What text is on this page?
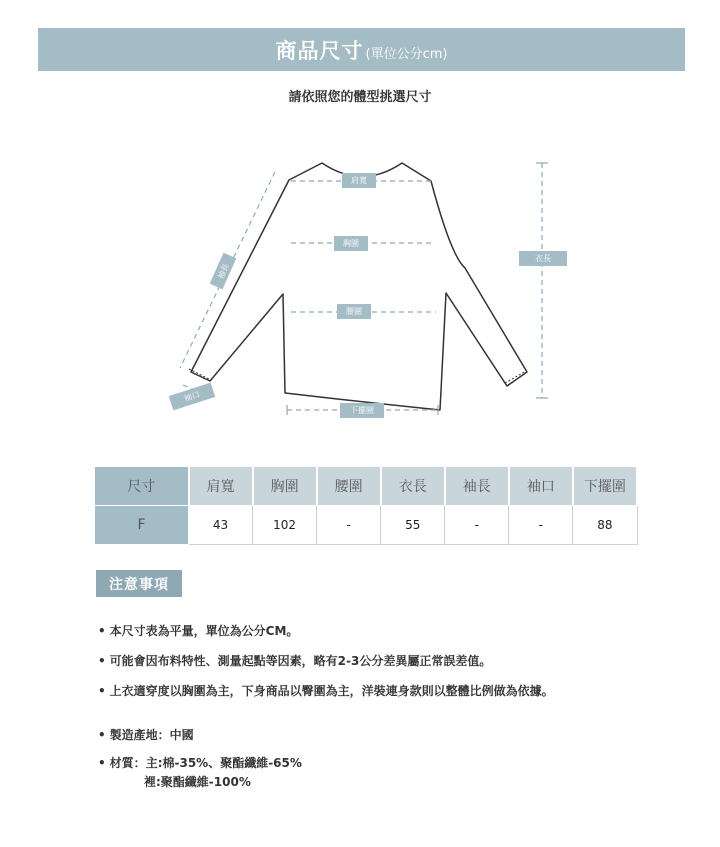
商品尺寸 (單位公分cm)
請依照您的體型挑選尺寸
肩寬
胸圍
腰圍
衣長
袖長
袖口
下擺圍
尺寸	肩寬	胸圍	腰圍	衣長	袖長	袖口	下擺圍
F	43	102	-	55	-	-	88
注意事項
• 本尺寸表為平量，單位為公分CM。
• 可能會因布料特性、測量起點等因素，略有2-3公分差異屬正常誤差值。
• 上衣適穿度以胸圍為主，下身商品以臀圍為主，洋裝連身款則以整體比例做為依據。
• 製造產地：中國
• 材質：主:棉-35%、聚酯纖維-65%
裡:聚酯纖維-100%
